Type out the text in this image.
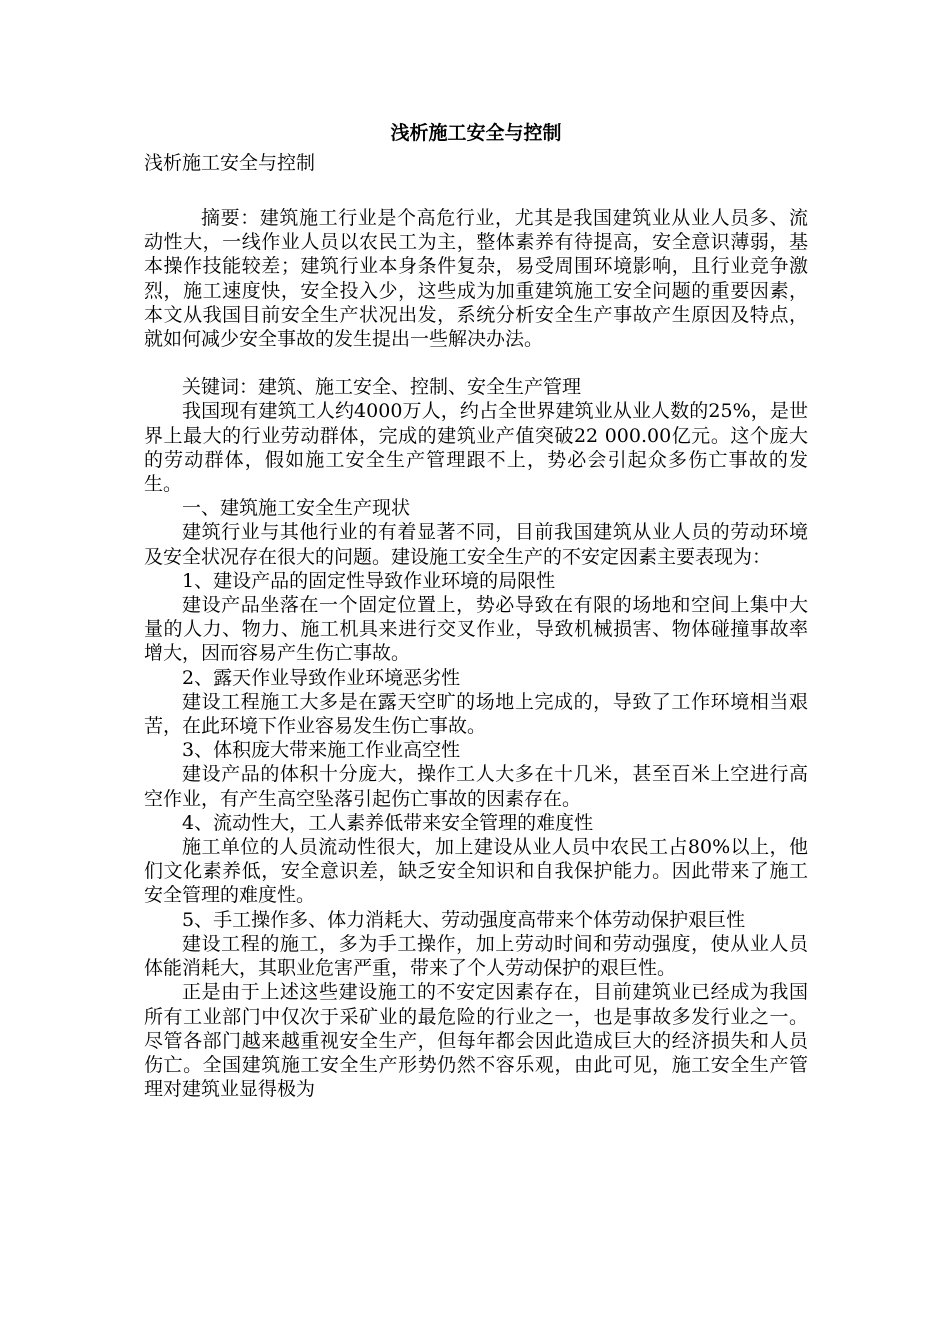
浅析施工安全与控制

浅析施工安全与控制

摘要：建筑施工行业是个高危行业，尤其是我国建筑业从业人员多、流动性大，一线作业人员以农民工为主，整体素养有待提高，安全意识薄弱，基本操作技能较差；建筑行业本身条件复杂，易受周围环境影响，且行业竞争激烈，施工速度快，安全投入少，这些成为加重建筑施工安全问题的重要因素，本文从我国目前安全生产状况出发，系统分析安全生产事故产生原因及特点，就如何减少安全事故的发生提出一些解决办法。

关键词：建筑、施工安全、控制、安全生产管理

我国现有建筑工人约4000万人，约占全世界建筑业从业人数的25%，是世界上最大的行业劳动群体，完成的建筑业产值突破22 000.00亿元。这个庞大的劳动群体，假如施工安全生产管理跟不上，势必会引起众多伤亡事故的发生。

一、建筑施工安全生产现状

建筑行业与其他行业的有着显著不同，目前我国建筑从业人员的劳动环境及安全状况存在很大的问题。建设施工安全生产的不安定因素主要表现为：

1、建设产品的固定性导致作业环境的局限性

建设产品坐落在一个固定位置上，势必导致在有限的场地和空间上集中大量的人力、物力、施工机具来进行交叉作业，导致机械损害、物体碰撞事故率增大，因而容易产生伤亡事故。

2、露天作业导致作业环境恶劣性

建设工程施工大多是在露天空旷的场地上完成的，导致了工作环境相当艰苦，在此环境下作业容易发生伤亡事故。

3、体积庞大带来施工作业高空性

建设产品的体积十分庞大，操作工人大多在十几米，甚至百米上空进行高空作业，有产生高空坠落引起伤亡事故的因素存在。

4、流动性大，工人素养低带来安全管理的难度性

施工单位的人员流动性很大，加上建设从业人员中农民工占80%以上，他们文化素养低，安全意识差，缺乏安全知识和自我保护能力。因此带来了施工安全管理的难度性。

5、手工操作多、体力消耗大、劳动强度高带来个体劳动保护艰巨性

建设工程的施工，多为手工操作，加上劳动时间和劳动强度，使从业人员体能消耗大，其职业危害严重，带来了个人劳动保护的艰巨性。

正是由于上述这些建设施工的不安定因素存在，目前建筑业已经成为我国所有工业部门中仅次于采矿业的最危险的行业之一，也是事故多发行业之一。尽管各部门越来越重视安全生产，但每年都会因此造成巨大的经济损失和人员伤亡。全国建筑施工安全生产形势仍然不容乐观，由此可见，施工安全生产管理对建筑业显得极为
